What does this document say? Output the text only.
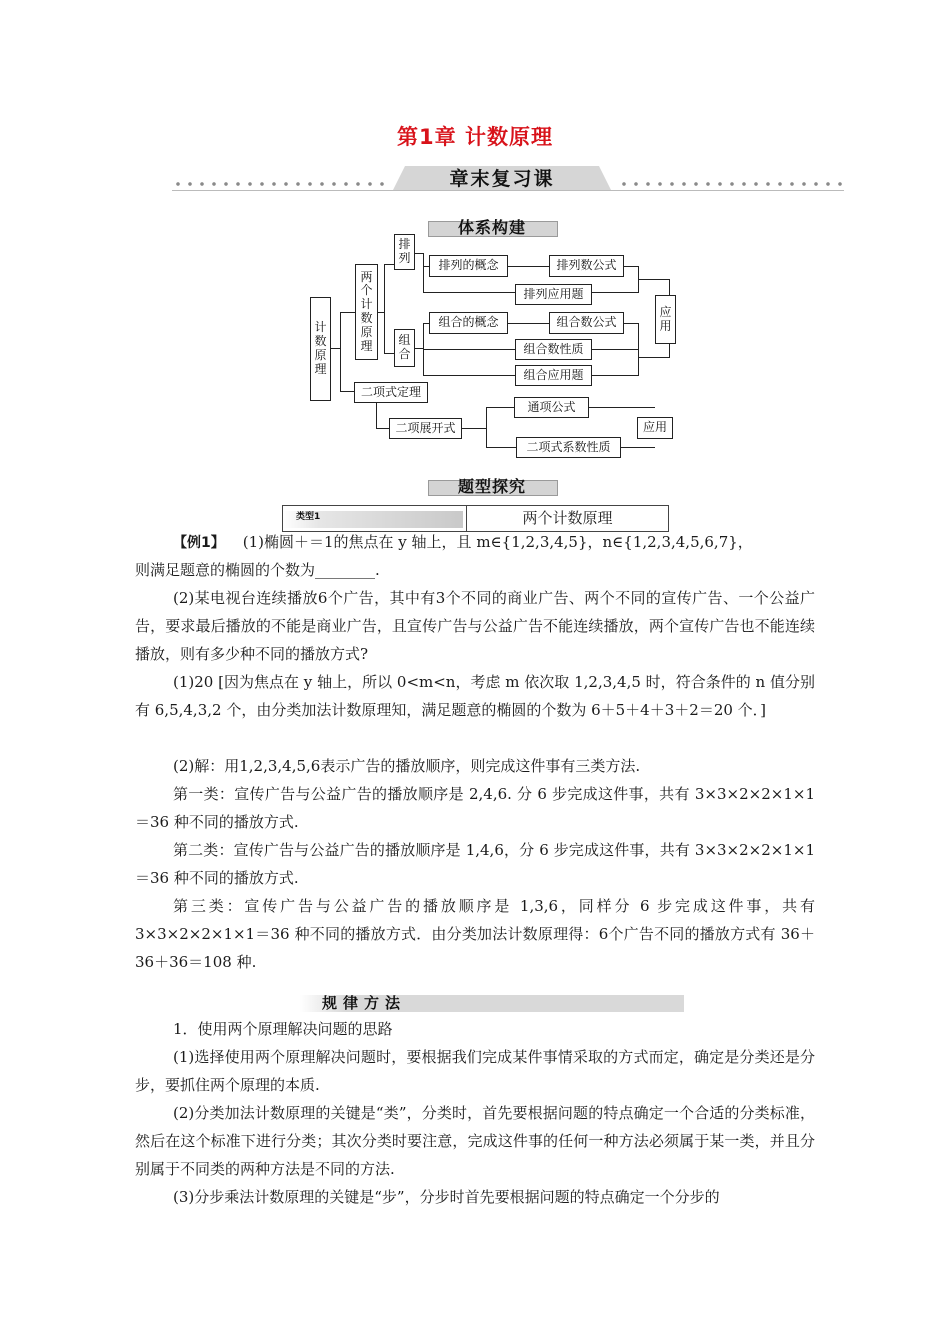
第1章 计数原理
章末复习课
体系构建
计
数
原
理
两
个
计
数
原
理
排
列
组
合
排列的概念	排列数公式
排列应用题
组合的概念	组合数公式
组合数性质
组合应用题
应
用
二项式定理
二项展开式
通项公式
二项式系数性质
应用
题型探究
类型1	两个计数原理

【例1】 (1)椭圆＋＝1的焦点在 y 轴上，且 m∈{1,2,3,4,5}，n∈{1,2,3,4,5,6,7}，

则满足题意的椭圆的个数为________.

(2)某电视台连续播放6个广告，其中有3个不同的商业广告、两个不同的宣传广告、一个公益广告，要求最后播放的不能是商业广告，且宣传广告与公益广告不能连续播放，两个宣传广告也不能连续播放，则有多少种不同的播放方式?

(1)20 [因为焦点在 y 轴上，所以 0<m<n，考虑 m 依次取 1,2,3,4,5 时，符合条件的 n 值分别有 6,5,4,3,2 个，由分类加法计数原理知，满足题意的椭圆的个数为 6＋5＋4＋3＋2＝20 个．]

(2)解：用1,2,3,4,5,6表示广告的播放顺序，则完成这件事有三类方法.

第一类：宣传广告与公益广告的播放顺序是 2,4,6. 分 6 步完成这件事，共有 3×3×2×2×1×1＝36 种不同的播放方式.

第二类：宣传广告与公益广告的播放顺序是 1,4,6，分 6 步完成这件事，共有 3×3×2×2×1×1＝36 种不同的播放方式.

第三类：宣传广告与公益广告的播放顺序是 1,3,6，同样分 6 步完成这件事，共有 3×3×2×2×1×1＝36 种不同的播放方式．由分类加法计数原理得：6个广告不同的播放方式有 36＋36＋36＝108 种.

规律方法

1．使用两个原理解决问题的思路

(1)选择使用两个原理解决问题时，要根据我们完成某件事情采取的方式而定，确定是分类还是分步，要抓住两个原理的本质.

(2)分类加法计数原理的关键是“类”，分类时，首先要根据问题的特点确定一个合适的分类标准，然后在这个标准下进行分类；其次分类时要注意，完成这件事的任何一种方法必须属于某一类，并且分别属于不同类的两种方法是不同的方法.

(3)分步乘法计数原理的关键是“步”，分步时首先要根据问题的特点确定一个分步的
